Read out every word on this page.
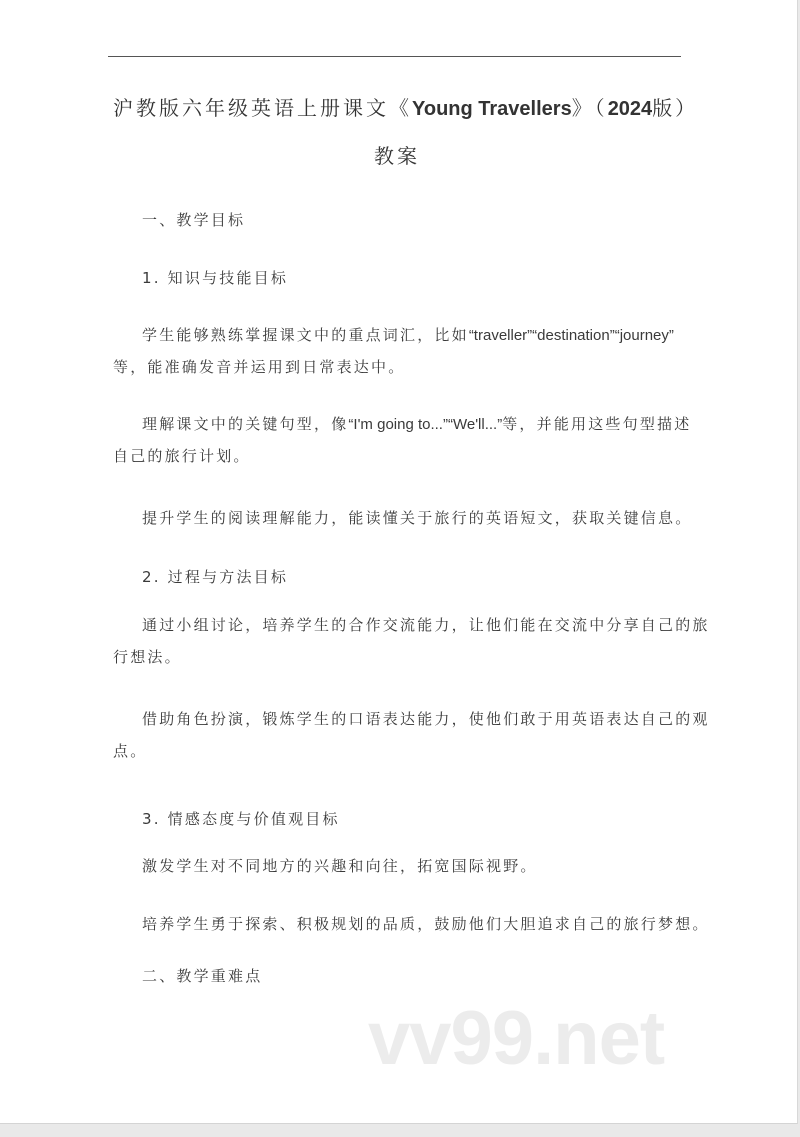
沪教版六年级英语上册课文《Young Travellers》（2024版）
教案
一、教学目标
1. 知识与技能目标
学生能够熟练掌握课文中的重点词汇，比如“traveller”“destination”“journey”
等，能准确发音并运用到日常表达中。
理解课文中的关键句型，像“I'm going to...”“We'll...”等，并能用这些句型描述
自己的旅行计划。
提升学生的阅读理解能力，能读懂关于旅行的英语短文，获取关键信息。
2. 过程与方法目标
通过小组讨论，培养学生的合作交流能力，让他们能在交流中分享自己的旅
行想法。
借助角色扮演，锻炼学生的口语表达能力，使他们敢于用英语表达自己的观
点。
3. 情感态度与价值观目标
激发学生对不同地方的兴趣和向往，拓宽国际视野。
培养学生勇于探索、积极规划的品质，鼓励他们大胆追求自己的旅行梦想。
二、教学重难点
vv99.net
